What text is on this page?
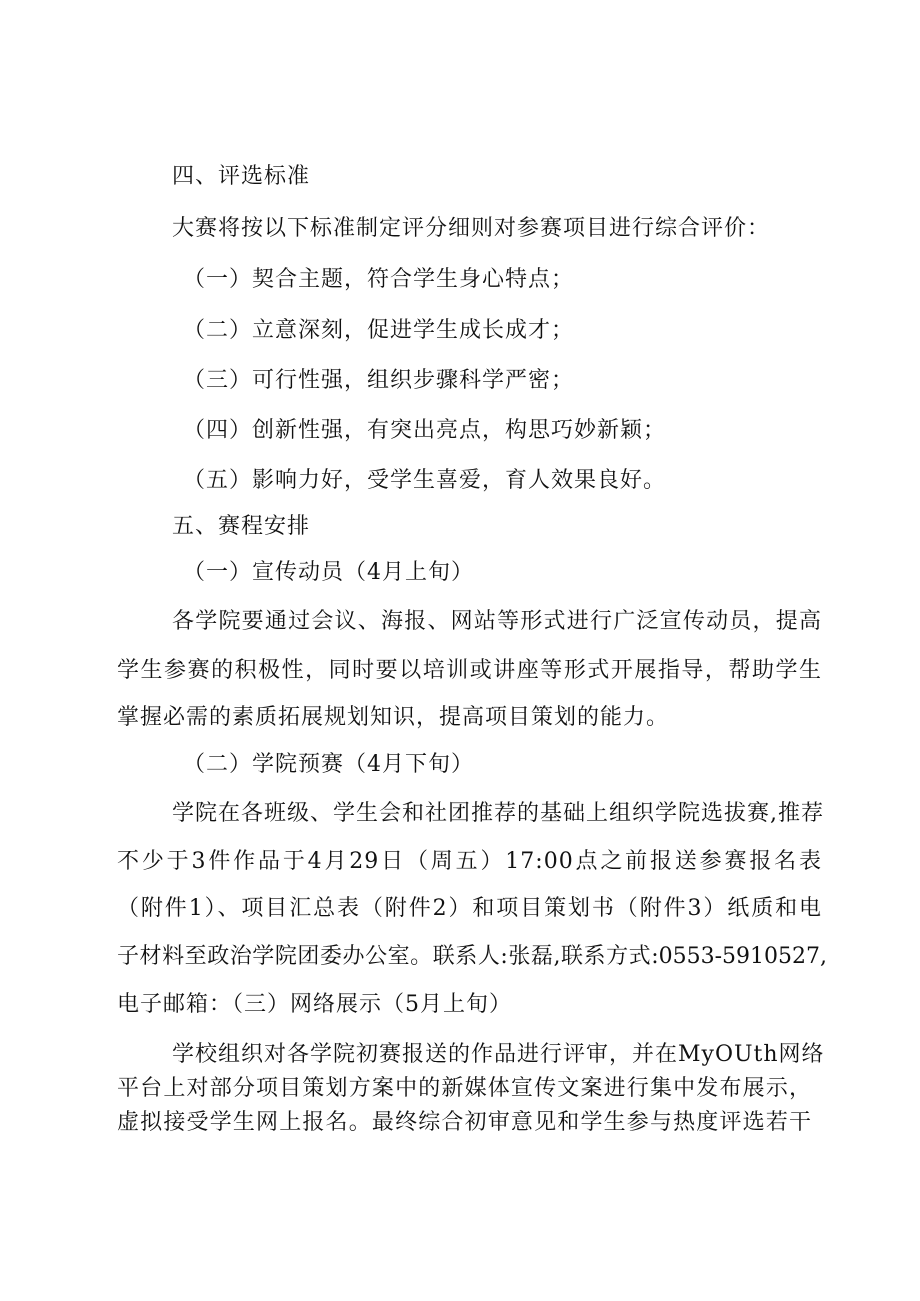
四、评选标准
大赛将按以下标准制定评分细则对参赛项目进行综合评价：
（一）契合主题，符合学生身心特点；
（二）立意深刻，促进学生成长成才；
（三）可行性强，组织步骤科学严密；
（四）创新性强，有突出亮点，构思巧妙新颖；
（五）影响力好，受学生喜爱，育人效果良好。
五、赛程安排
（一）宣传动员（4月上旬）
各学院要通过会议、海报、网站等形式进行广泛宣传动员，提高
学生参赛的积极性，同时要以培训或讲座等形式开展指导，帮助学生
掌握必需的素质拓展规划知识，提高项目策划的能力。
（二）学院预赛（4月下旬）
学院在各班级、学生会和社团推荐的基础上组织学院选拔赛,推荐
不少于3件作品于4月29日（周五）17:00点之前报送参赛报名表
（附件1）、项目汇总表（附件2）和项目策划书（附件3）纸质和电
子材料至政治学院团委办公室。联系人:张磊,联系方式:0553-5910527,
电子邮箱：（三）网络展示（5月上旬）
学校组织对各学院初赛报送的作品进行评审，并在MyOUth网络
平台上对部分项目策划方案中的新媒体宣传文案进行集中发布展示，
虚拟接受学生网上报名。最终综合初审意见和学生参与热度评选若干
